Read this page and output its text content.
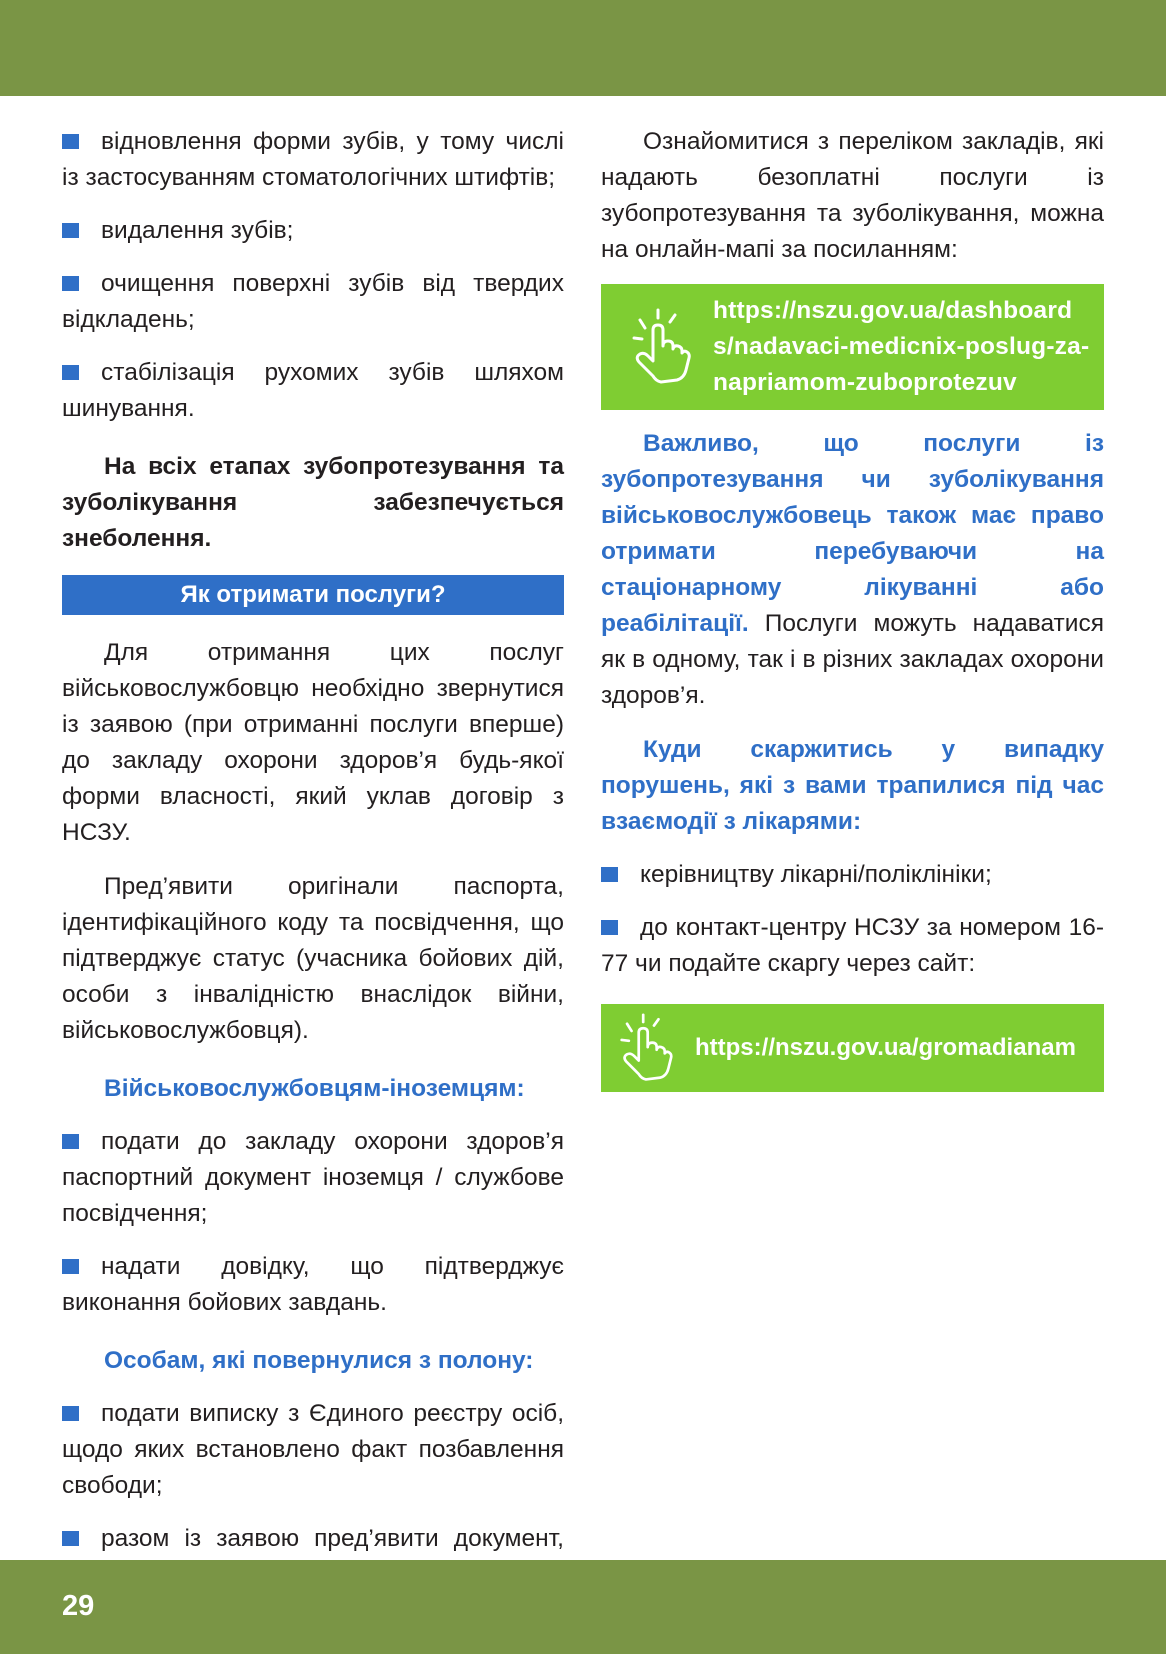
відновлення форми зубів, у тому числі із застосуванням стоматологічних штифтів;

видалення зубів;

очищення поверхні зубів від твердих відкладень;

стабілізація рухомих зубів шляхом шинування.

На всіх етапах зубопротезування та зуболікування забезпечується знеболення.

Як отримати послуги?

Для отримання цих послуг військовослужбовцю необхідно звернутися із заявою (при отриманні послуги вперше) до закладу охорони здоров’я будь-якої форми власності, який уклав договір з НСЗУ.

Пред’явити оригінали паспорта, ідентифікаційного коду та посвідчення, що підтверджує статус (учасника бойових дій, особи з інвалідністю внаслідок війни, військовослужбовця).

Військовослужбовцям-іноземцям:

подати до закладу охорони здоров’я паспортний документ іноземця / службове посвідчення;

надати довідку, що підтверджує виконання бойових завдань.

Особам, які повернулися з полону:

подати виписку з Єдиного реєстру осіб, щодо яких встановлено факт позбавлення свободи;

разом із заявою пред’явити документ,

Ознайомитися з переліком закладів, які надають безоплатні послуги із зубопротезування та зуболікування, можна на онлайн-мапі за посиланням:

https://nszu.gov.ua/dashboards/nadavaci-medicnix-poslug-za-napriamom-zuboprotezuv

Важливо, що послуги із зубопротезування чи зуболікування військовослужбовець також має право отримати перебуваючи на стаціонарному лікуванні або реабілітації. Послуги можуть надаватися як в одному, так і в різних закладах охорони здоров’я.

Куди скаржитись у випадку порушень, які з вами трапилися під час взаємодії з лікарями:

керівництву лікарні/поліклініки;

до контакт-центру НСЗУ за номером 16-77 чи подайте скаргу через сайт:

https://nszu.gov.ua/gromadianam
29
